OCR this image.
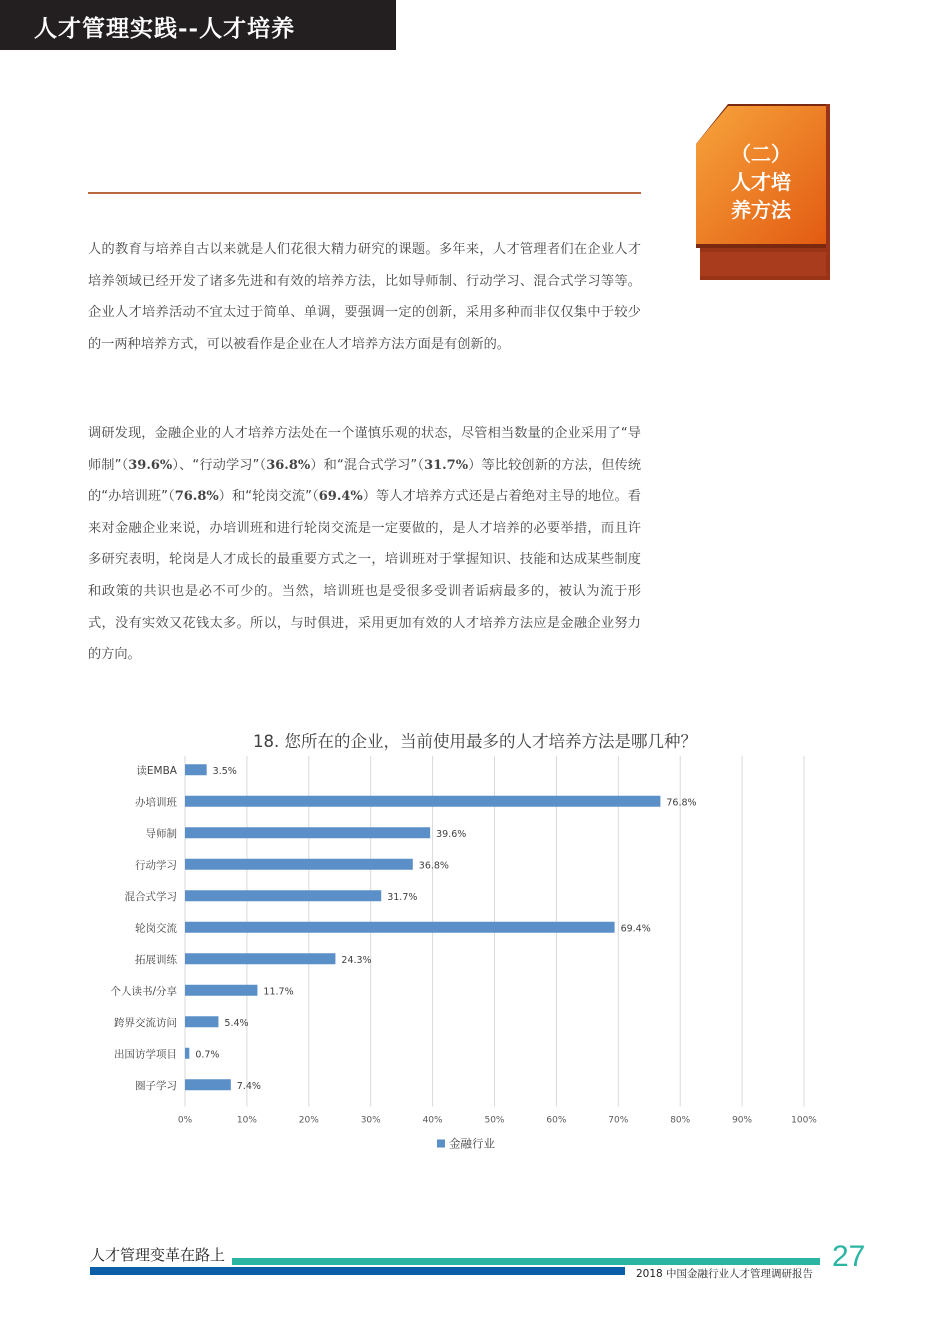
人才管理实践--人才培养
（二）
人才培
养方法

人的教育与培养自古以来就是人们花很大精力研究的课题。多年来，人才管理者们在企业人才培养领域已经开发了诸多先进和有效的培养方法，比如导师制、行动学习、混合式学习等等。企业人才培养活动不宜太过于简单、单调，要强调一定的创新，采用多种而非仅仅集中于较少的一两种培养方式，可以被看作是企业在人才培养方法方面是有创新的。

调研发现，金融企业的人才培养方法处在一个谨慎乐观的状态，尽管相当数量的企业采用了“导师制”（39.6%）、“行动学习”（36.8%）和“混合式学习”（31.7%）等比较创新的方法，但传统的“办培训班”（76.8%）和“轮岗交流”（69.4%）等人才培养方式还是占着绝对主导的地位。看来对金融企业来说，办培训班和进行轮岗交流是一定要做的，是人才培养的必要举措，而且许多研究表明，轮岗是人才成长的最重要方式之一，培训班对于掌握知识、技能和达成某些制度和政策的共识也是必不可少的。当然，培训班也是受很多受训者诟病最多的，被认为流于形式，没有实效又花钱太多。所以，与时俱进，采用更加有效的人才培养方法应是金融企业努力的方向。

18. 您所在的企业，当前使用最多的人才培养方法是哪几种？
0%	10%	20%	30%	40%	50%	60%	70%	80%	90%	100%
读EMBA	3.5%
办培训班	76.8%
导师制	39.6%
行动学习	36.8%
混合式学习	31.7%
轮岗交流	69.4%
拓展训练	24.3%
个人读书/分享	11.7%
跨界交流访问	5.4%
出国访学项目 0.7%
圈子学习	7.4%
金融行业
人才管理变革在路上
2018 中国金融行业人才管理调研报告
27
